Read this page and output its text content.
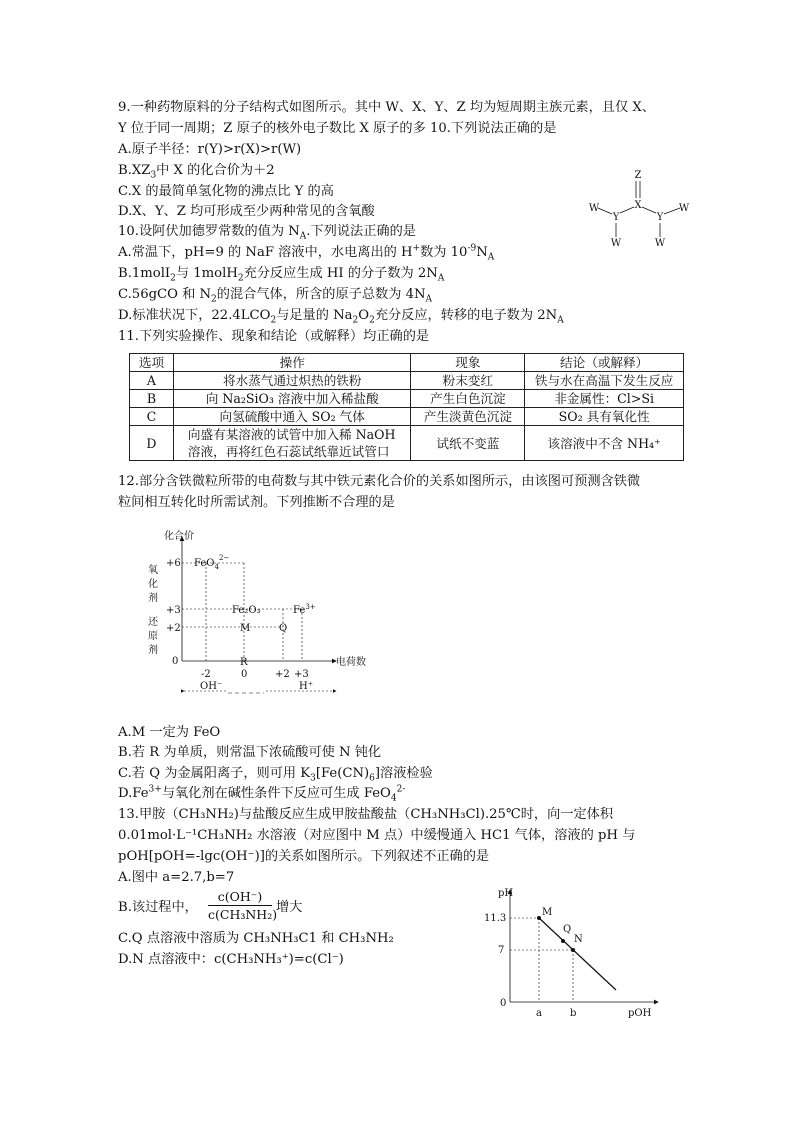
9.一种药物原料的分子结构式如图所示。其中 W、X、Y、Z 均为短周期主族元素，且仅 X、
Y 位于同一周期；Z 原子的核外电子数比 X 原子的多 10.下列说法正确的是
A.原子半径：r(Y)>r(X)>r(W)
$B.XZ_3$中 X 的化合价为＋2
C.X 的最简单氢化物的沸点比 Y 的高
D.X、Y、Z 均可形成至少两种常见的含氧酸
Z
X
Y	Y
W
W	W
W
10.设阿伏加德罗常数的值为 $N_A$.下列说法正确的是
A.常温下，pH=9 的 NaF 溶液中，水电离出的 H+数为 $10^{-9}N_A$
B.1molI$_2$与 1molH$_2$充分反应生成 HI 的分子数为 $2N_A$
C.56gCO 和 $N_2$的混合气体，所含的原子总数为 $4N_A$
D.标准状况下，$22.4LCO_2$与足量的 $Na_2O_2$充分反应，转移的电子数为 $2N_A$
11.下列实验操作、现象和结论（或解释）均正确的是
选项	操作	现象	结论（或解释）
A	将水蒸气通过炽热的铁粉	粉末变红	铁与水在高温下发生反应
B	向 Na₂SiO₃ 溶液中加入稀盐酸	产生白色沉淀	非金属性：Cl>Si
C	向氢硫酸中通入 SO₂ 气体	产生淡黄色沉淀	SO₂ 具有氧化性
D	向盛有某溶液的试管中加入稀 NaOH
溶液，再将红色石蕊试纸靠近试管口	试纸不变蓝	该溶液中不含 NH₄⁺
12.部分含铁微粒所带的电荷数与其中铁元素化合价的关系如图所示，由该图可预测含铁微
粒间相互转化时所需试剂。下列推断不合理的是
化合价
电荷数
+6
+3
+2
0
-2	0	+2 +3
氧
化
剂
还
原
剂
FeO$_4^{2-}$
Fe₂O₃	$Fe^{3+}$
M	Q
R
OH⁻	H⁺
A.M 一定为 FeO
B.若 R 为单质，则常温下浓硫酸可使 N 钝化
C.若 Q 为金属阳离子，则可用 $K_3[Fe(CN)_6]$溶液检验
$D.Fe^{3+}$与氧化剂在碱性条件下反应可生成 FeO$_4^{2-}$
13.甲胺（CH₃NH₂)与盐酸反应生成甲胺盐酸盐（CH₃NH₃Cl).25℃时，向一定体积
0.01mol·L⁻¹CH₃NH₂ 水溶液（对应图中 M 点）中缓慢通入 HC1 气体，溶液的 pH 与
pOH[pOH=-lgc(OH⁻)]的关系如图所示。下列叙述不正确的是
A.图中 a=2.7,b=7
B.该过程中， $\frac{c(OH^-)}{\text{c(CH₃NH₂)}}$ 增大
C.Q 点溶液中溶质为 CH₃NH₃C1 和 CH₃NH₂
D.N 点溶液中：c(CH₃NH₃⁺)=c(Cl⁻)
pH
pOH
11.3
7
0
a	b
M
Q
N
